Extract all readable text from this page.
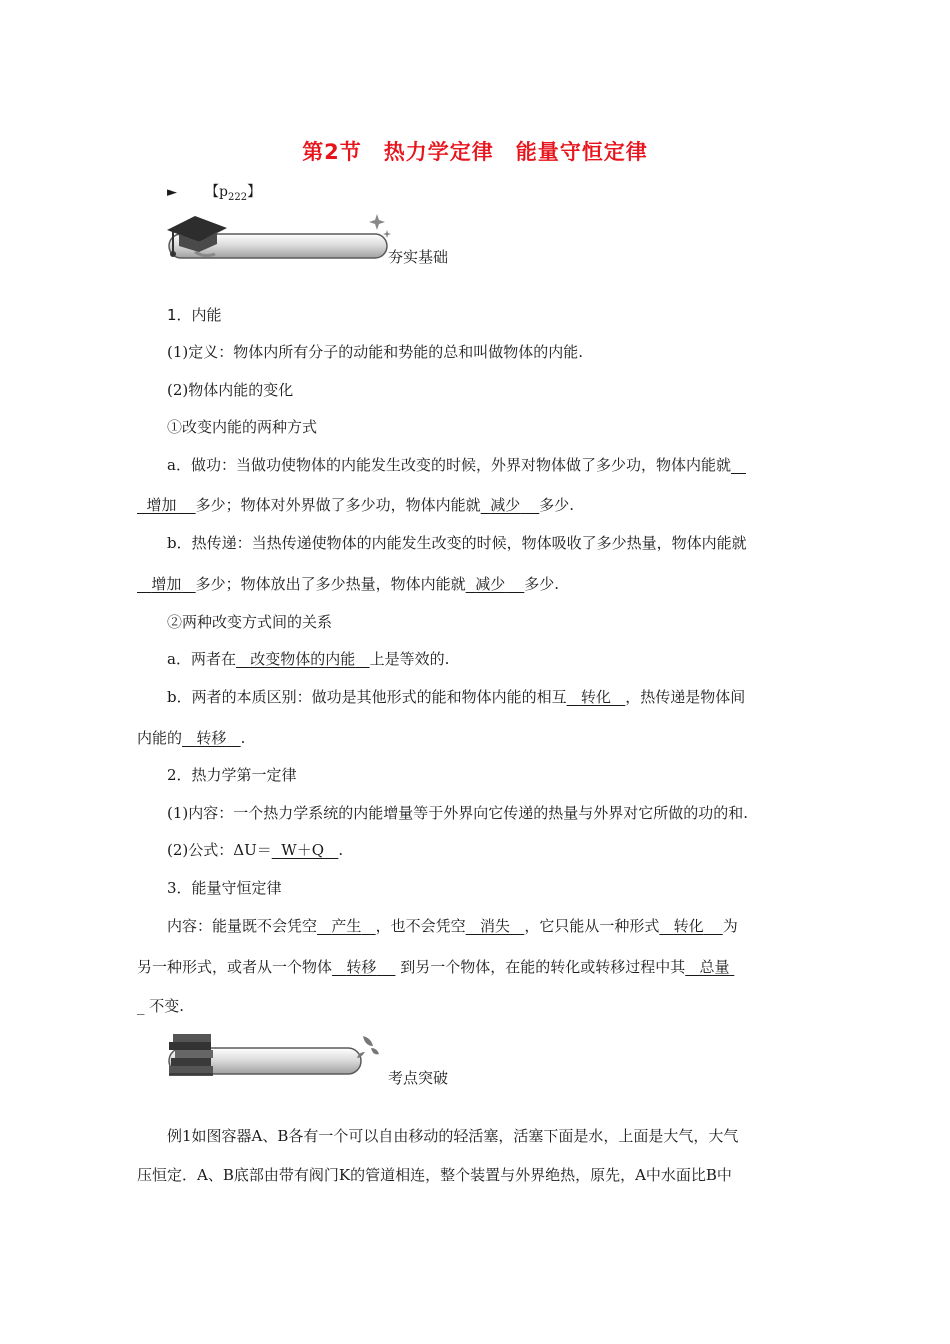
第2节　热力学定律　能量守恒定律
► 【$p_{222}$】
夯实基础
1．内能
(1)定义：物体内所有分子的动能和势能的总和叫做物体的内能.
(2)物体内能的变化
①改变内能的两种方式
a．做功：当做功使物体的内能发生改变的时候，外界对物体做了多少功，物体内能就__
增加 多少；物体对外界做了多少功，物体内能就 减少 多少.
b．热传递：当热传递使物体的内能发生改变的时候，物体吸收了多少热量，物体内能就
增加 多少；物体放出了多少热量，物体内能就 减少 多少.
②两种改变方式间的关系
a．两者在 改变物体的内能 上是等效的.
b．两者的本质区别：做功是其他形式的能和物体内能的相互 转化 ，热传递是物体间
内能的 转移 .
2．热力学第一定律
(1)内容：一个热力学系统的内能增量等于外界向它传递的热量与外界对它所做的功的和.
(2)公式：ΔU＝ W＋Q .
3．能量守恒定律
内容：能量既不会凭空 产生 ，也不会凭空 消失 ，它只能从一种形式 转化 为
另一种形式，或者从一个物体 转移 到另一个物体，在能的转化或转移过程中其 总量
_ 不变.
考点突破
例1如图容器A、B各有一个可以自由移动的轻活塞，活塞下面是水，上面是大气，大气
压恒定．A、B底部由带有阀门K的管道相连，整个装置与外界绝热，原先，A中水面比B中
